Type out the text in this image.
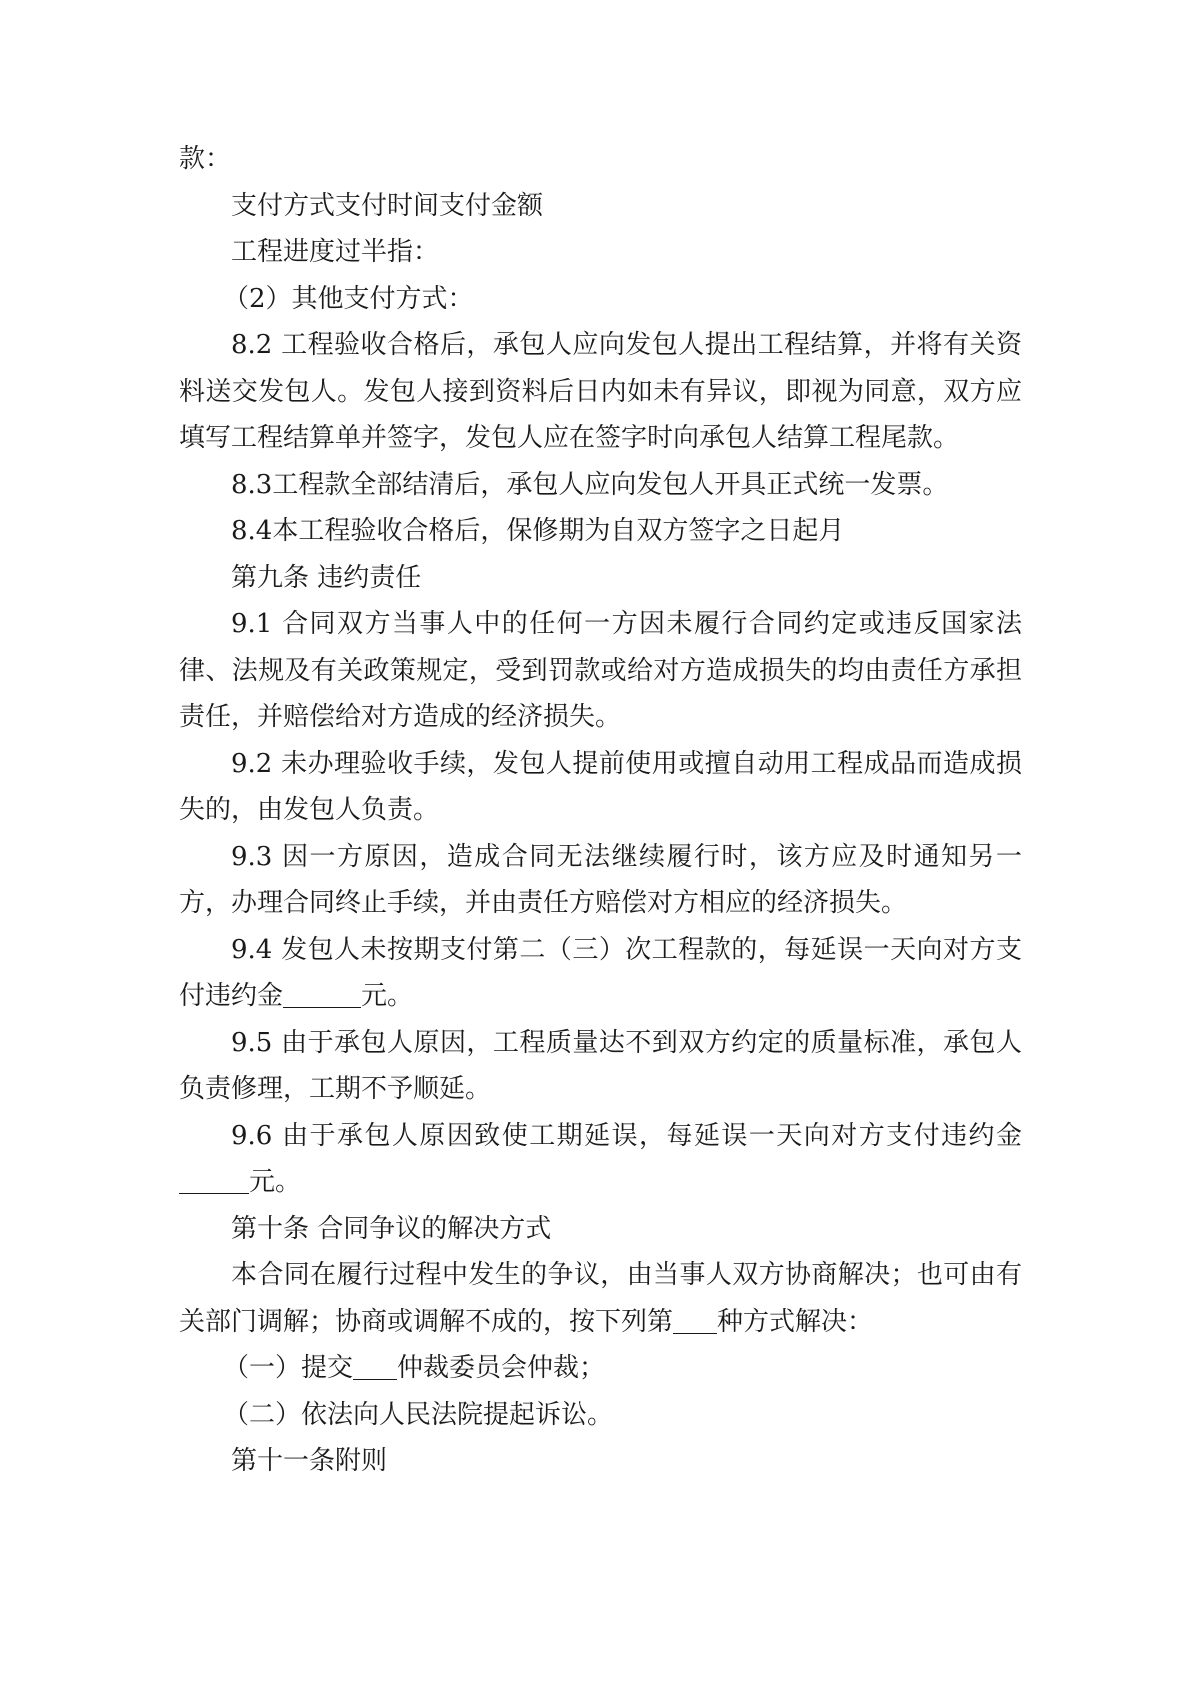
款：

支付方式支付时间支付金额

工程进度过半指：

（2）其他支付方式：

8.2 工程验收合格后，承包人应向发包人提出工程结算，并将有关资料送交发包人。发包人接到资料后日内如未有异议，即视为同意，双方应填写工程结算单并签字，发包人应在签字时向承包人结算工程尾款。

8.3工程款全部结清后，承包人应向发包人开具正式统一发票。

8.4本工程验收合格后，保修期为自双方签字之日起月

第九条 违约责任

9.1 合同双方当事人中的任何一方因未履行合同约定或违反国家法律、法规及有关政策规定，受到罚款或给对方造成损失的均由责任方承担责任，并赔偿给对方造成的经济损失。

9.2 未办理验收手续，发包人提前使用或擅自动用工程成品而造成损失的，由发包人负责。

9.3 因一方原因，造成合同无法继续履行时，该方应及时通知另一方，办理合同终止手续，并由责任方赔偿对方相应的经济损失。

9.4 发包人未按期支付第二（三）次工程款的，每延误一天向对方支付违约金	元。

9.5 由于承包人原因，工程质量达不到双方约定的质量标准，承包人负责修理，工期不予顺延。

9.6 由于承包人原因致使工期延误，每延误一天向对方支付违约金元。

第十条 合同争议的解决方式

本合同在履行过程中发生的争议，由当事人双方协商解决；也可由有关部门调解；协商或调解不成的，按下列第 种方式解决：

（一）提交 仲裁委员会仲裁；

（二）依法向人民法院提起诉讼。

第十一条附则
